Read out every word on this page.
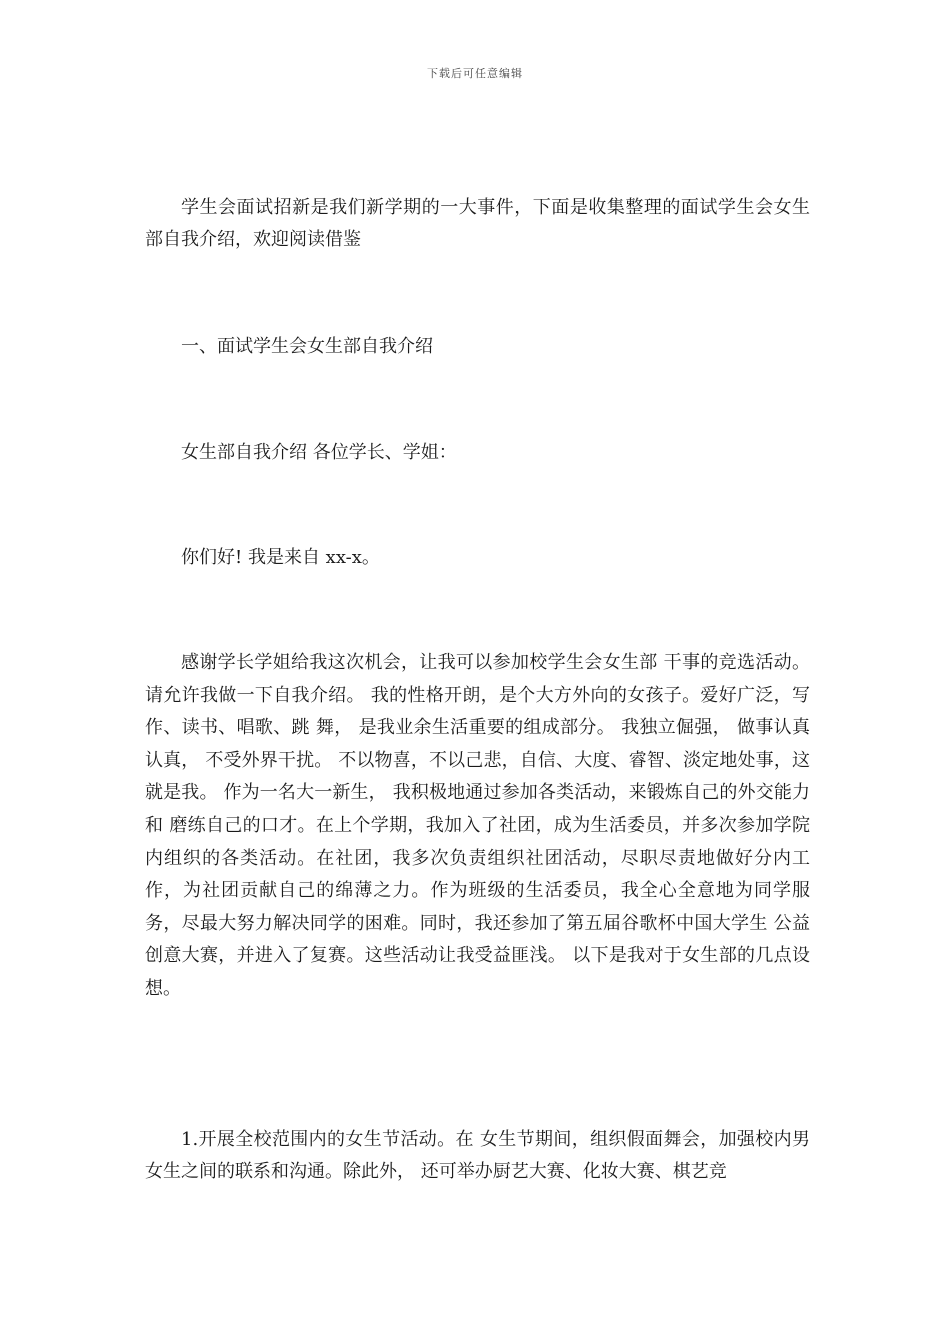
下载后可任意编辑

学生会面试招新是我们新学期的一大事件，下面是收集整理的面试学生会女生部自我介绍，欢迎阅读借鉴

一、面试学生会女生部自我介绍

女生部自我介绍 各位学长、学姐：

你们好! 我是来自 xx-x。

感谢学长学姐给我这次机会，让我可以参加校学生会女生部 干事的竞选活动。请允许我做一下自我介绍。 我的性格开朗，是个大方外向的女孩子。爱好广泛，写作、读书、唱歌、跳 舞， 是我业余生活重要的组成部分。 我独立倔强， 做事认真认真， 不受外界干扰。 不以物喜，不以己悲，自信、大度、睿智、淡定地处事，这就是我。 作为一名大一新生， 我积极地通过参加各类活动，来锻炼自己的外交能力和 磨练自己的口才。在上个学期，我加入了社团，成为生活委员，并多次参加学院 内组织的各类活动。在社团，我多次负责组织社团活动，尽职尽责地做好分内工 作，为社团贡献自己的绵薄之力。作为班级的生活委员，我全心全意地为同学服 务，尽最大努力解决同学的困难。同时，我还参加了第五届谷歌杯中国大学生 公益创意大赛，并进入了复赛。这些活动让我受益匪浅。 以下是我对于女生部的几点设想。

1.开展全校范围内的女生节活动。在 女生节期间，组织假面舞会，加强校内男女生之间的联系和沟通。除此外， 还可举办厨艺大赛、化妆大赛、棋艺竞
